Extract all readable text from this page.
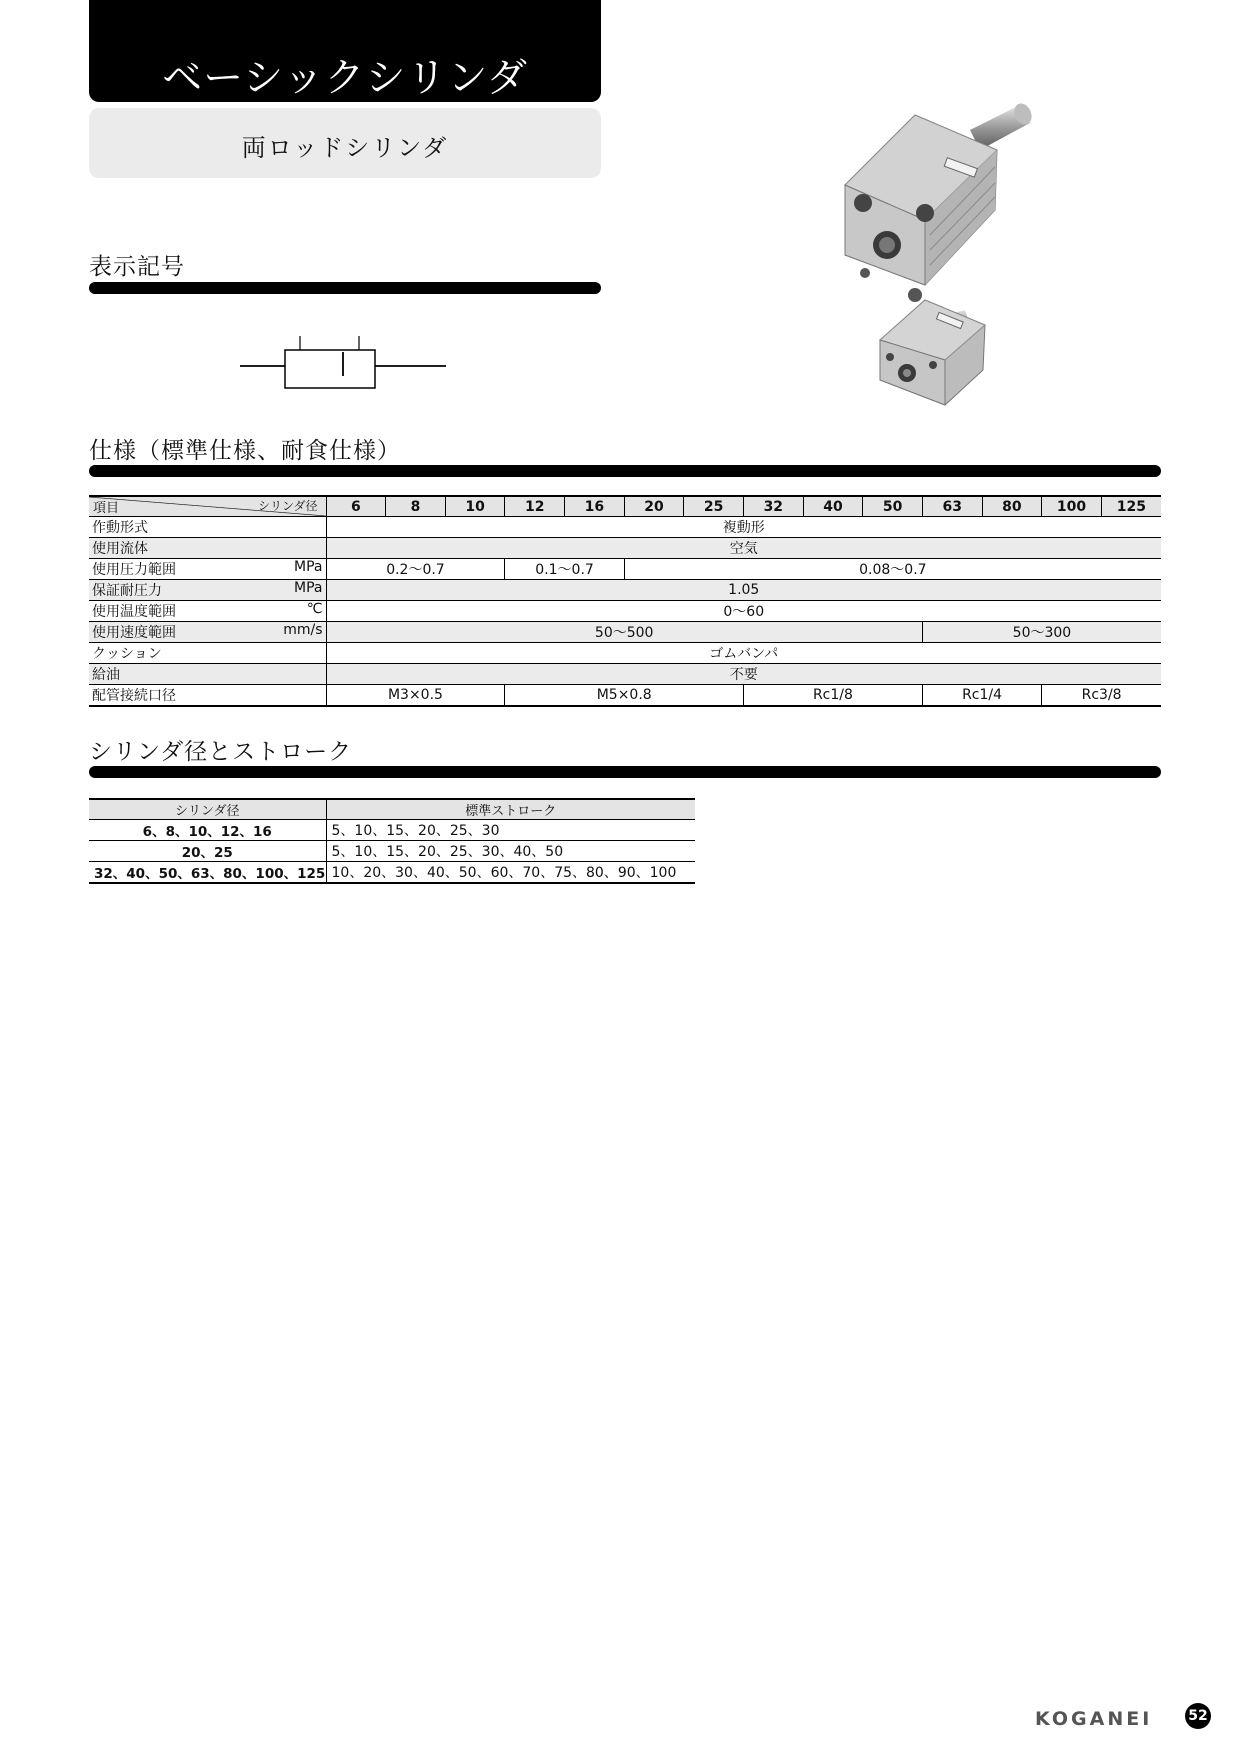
ベーシックシリンダ
両ロッドシリンダ
表示記号
仕様（標準仕様、耐食仕様）
シリンダ径
項目	6	8	10	12	16	20	25	32	40	50	63	80	100	125

作動形式	複動形													

使用流体	空気													

使用圧力範囲 MPa	0.2〜0.7			0.1〜0.7		0.08〜0.7								

保証耐圧力 MPa	1.05													

使用温度範囲 ℃	0〜60													

使用速度範囲 mm/s	50〜500										50〜300			

クッション	ゴムバンパ													

給油	不要													

配管接続口径	M3×0.5			M5×0.8				Rc1/8			Rc1/4		Rc3/8	
シリンダ径とストローク
シリンダ径	標準ストローク
6、8、10、12、16	5、10、15、20、25、30
20、25	5、10、15、20、25、30、40、50
32、40、50、63、80、100、125	10、20、30、40、50、60、70、75、80、90、100
KOGANEI	52
